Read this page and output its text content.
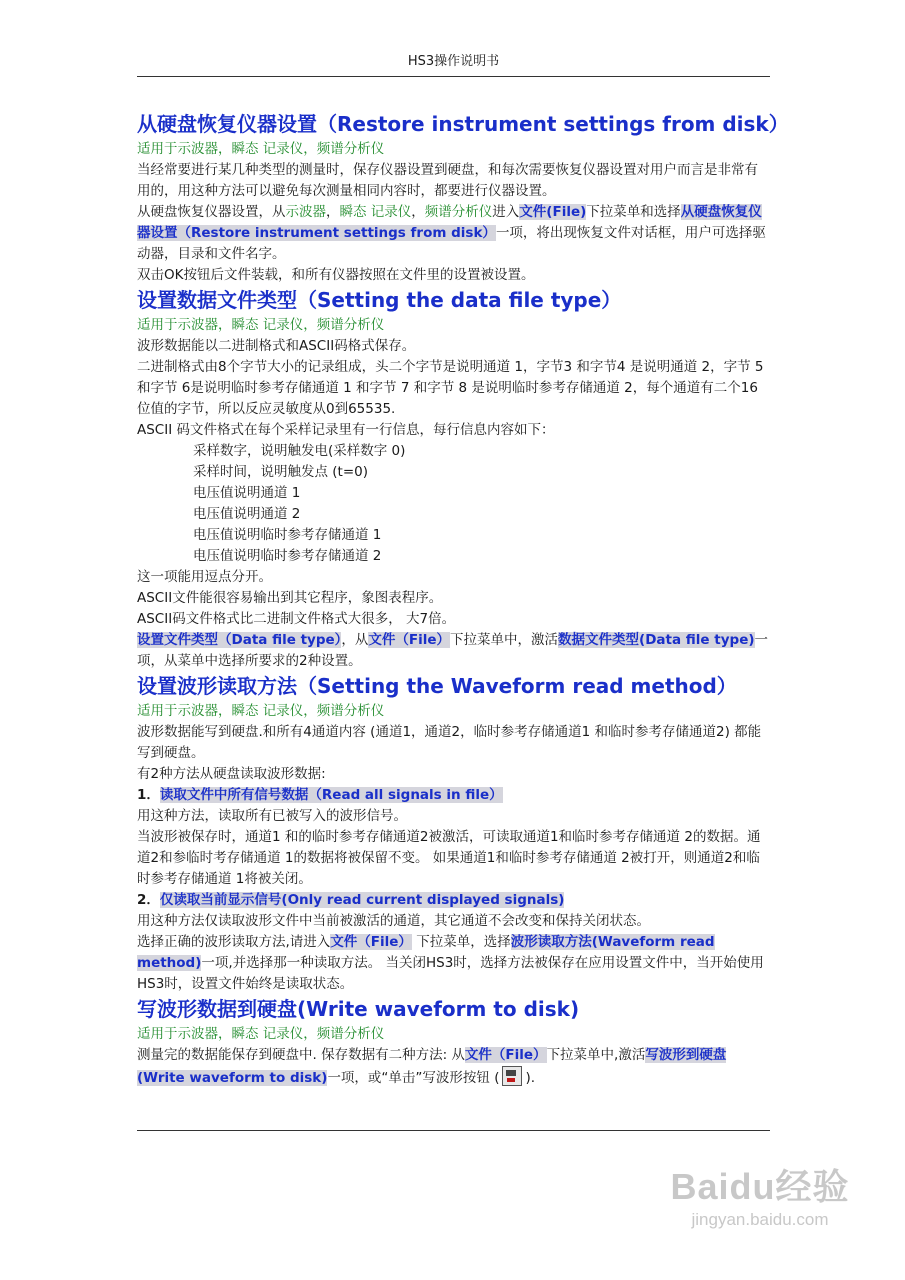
HS3操作说明书
从硬盘恢复仪器设置（Restore instrument settings from disk）

适用于示波器，瞬态 记录仪，频谱分析仪

当经常要进行某几种类型的测量时，保存仪器设置到硬盘，和每次需要恢复仪器设置对用户而言是非常有用的，用这种方法可以避免每次测量相同内容时，都要进行仪器设置。

从硬盘恢复仪器设置，从示波器，瞬态 记录仪，频谱分析仪进入文件(File)下拉菜单和选择从硬盘恢复仪器设置（Restore instrument settings from disk）一项，将出现恢复文件对话框，用户可选择驱动器，目录和文件名字。

双击OK按钮后文件装载，和所有仪器按照在文件里的设置被设置。

设置数据文件类型（Setting the data file type）

适用于示波器，瞬态 记录仪，频谱分析仪

波形数据能以二进制格式和ASCII码格式保存。

二进制格式由8个字节大小的记录组成，头二个字节是说明通道 1，字节3 和字节4 是说明通道 2，字节 5 和字节 6是说明临时参考存储通道 1 和字节 7 和字节 8 是说明临时参考存储通道 2，每个通道有二个16 位值的字节，所以反应灵敏度从0到65535.

ASCII 码文件格式在每个采样记录里有一行信息，每行信息内容如下：

采样数字，说明触发电(采样数字 0)

采样时间，说明触发点 (t=0)

电压值说明通道 1

电压值说明通道 2

电压值说明临时参考存储通道 1

电压值说明临时参考存储通道 2

这一项能用逗点分开。

ASCII文件能很容易输出到其它程序，象图表程序。

ASCII码文件格式比二进制文件格式大很多， 大7倍。

设置文件类型（Data file type），从文件（File）下拉菜单中，激活数据文件类型(Data file type)一项，从菜单中选择所要求的2种设置。

设置波形读取方法（Setting the Waveform read method）

适用于示波器，瞬态 记录仪，频谱分析仪

波形数据能写到硬盘.和所有4通道内容 (通道1，通道2，临时参考存储通道1 和临时参考存储通道2) 都能写到硬盘。

有2种方法从硬盘读取波形数据:

1．读取文件中所有信号数据（Read all signals in file）

用这种方法，读取所有已被写入的波形信号。

当波形被保存时，通道1 和的临时参考存储通道2被激活，可读取通道1和临时参考存储通道 2的数据。通道2和参临时考存储通道 1的数据将被保留不变。 如果通道1和临时参考存储通道 2被打开，则通道2和临时参考存储通道 1将被关闭。

2．仅读取当前显示信号(Only read current displayed signals)

用这种方法仅读取波形文件中当前被激活的通道，其它通道不会改变和保持关闭状态。

选择正确的波形读取方法,请进入文件（File） 下拉菜单，选择波形读取方法(Waveform read method)一项,并选择那一种读取方法。 当关闭HS3时，选择方法被保存在应用设置文件中，当开始使用HS3时，设置文件始终是读取状态。

写波形数据到硬盘(Write waveform to disk)

适用于示波器，瞬态 记录仪，频谱分析仪

测量完的数据能保存到硬盘中. 保存数据有二种方法: 从文件（File）下拉菜单中,激活写波形到硬盘(Write waveform to disk)一项，或“单击”写波形按钮 ( ).

Baidu经验
jingyan.baidu.com
